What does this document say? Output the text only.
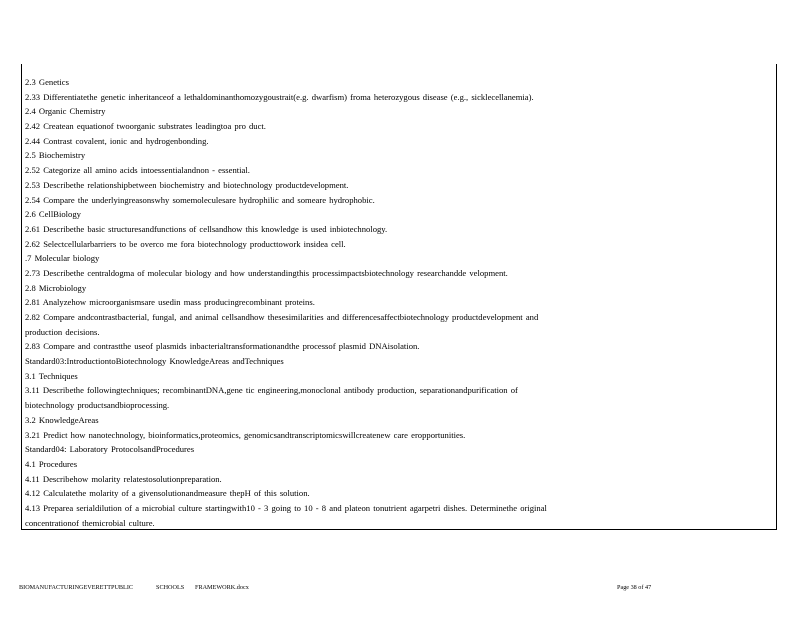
2.3 Genetics
2.33 Differentiatethe genetic inheritanceof a lethaldominanthomozygoustrait(e.g. dwarfism) froma heterozygous disease (e.g., sicklecellanemia).
2.4 Organic Chemistry
2.42 Createan equationof twoorganic substrates leadingtoa pro duct.
2.44 Contrast covalent, ionic and hydrogenbonding.
2.5 Biochemistry
2.52 Categorize all amino acids intoessentialandnon - essential.
2.53 Describethe relationshipbetween biochemistry and biotechnology productdevelopment.
2.54 Compare the underlyingreasonswhy somemoleculesare hydrophilic and someare hydrophobic.
2.6 CellBiology
2.61 Describethe basic structuresandfunctions of cellsandhow this knowledge is used inbiotechnology.
2.62 Selectcellularbarriers to be overco me fora biotechnology producttowork insidea cell.
.7 Molecular biology
2.73 Describethe centraldogma of molecular biology and how understandingthis processimpactsbiotechnology researchandde velopment.
2.8 Microbiology
2.81 Analyzehow microorganismsare usedin mass producingrecombinant proteins.
2.82 Compare andcontrastbacterial, fungal, and animal cellsandhow thesesimilarities and differencesaffectbiotechnology productdevelopment and
production decisions.
2.83 Compare and contrastthe useof plasmids inbacterialtransformationandthe processof plasmid DNAisolation.
Standard03:IntroductiontoBiotechnology KnowledgeAreas andTechniques
3.1 Techniques
3.11 Describethe followingtechniques; recombinantDNA,gene tic engineering,monoclonal antibody production, separationandpurification of
biotechnology productsandbioprocessing.
3.2 KnowledgeAreas
3.21 Predict how nanotechnology, bioinformatics,proteomics, genomicsandtranscriptomicswillcreatenew care eropportunities.
Standard04: Laboratory ProtocolsandProcedures
4.1 Procedures
4.11 Describehow molarity relatestosolutionpreparation.
4.12 Calculatethe molarity of a givensolutionandmeasure thepH of this solution.
4.13 Preparea serialdilution of a microbial culture startingwith10 - 3 going to 10 - 8 and plateon tonutrient agarpetri dishes. Determinethe original
concentrationof themicrobial culture.
BIOMANUFACTURINGEVERETTPUBLIC	SCHOOLS FRAMEWORK.docx	Page 38 of 47
